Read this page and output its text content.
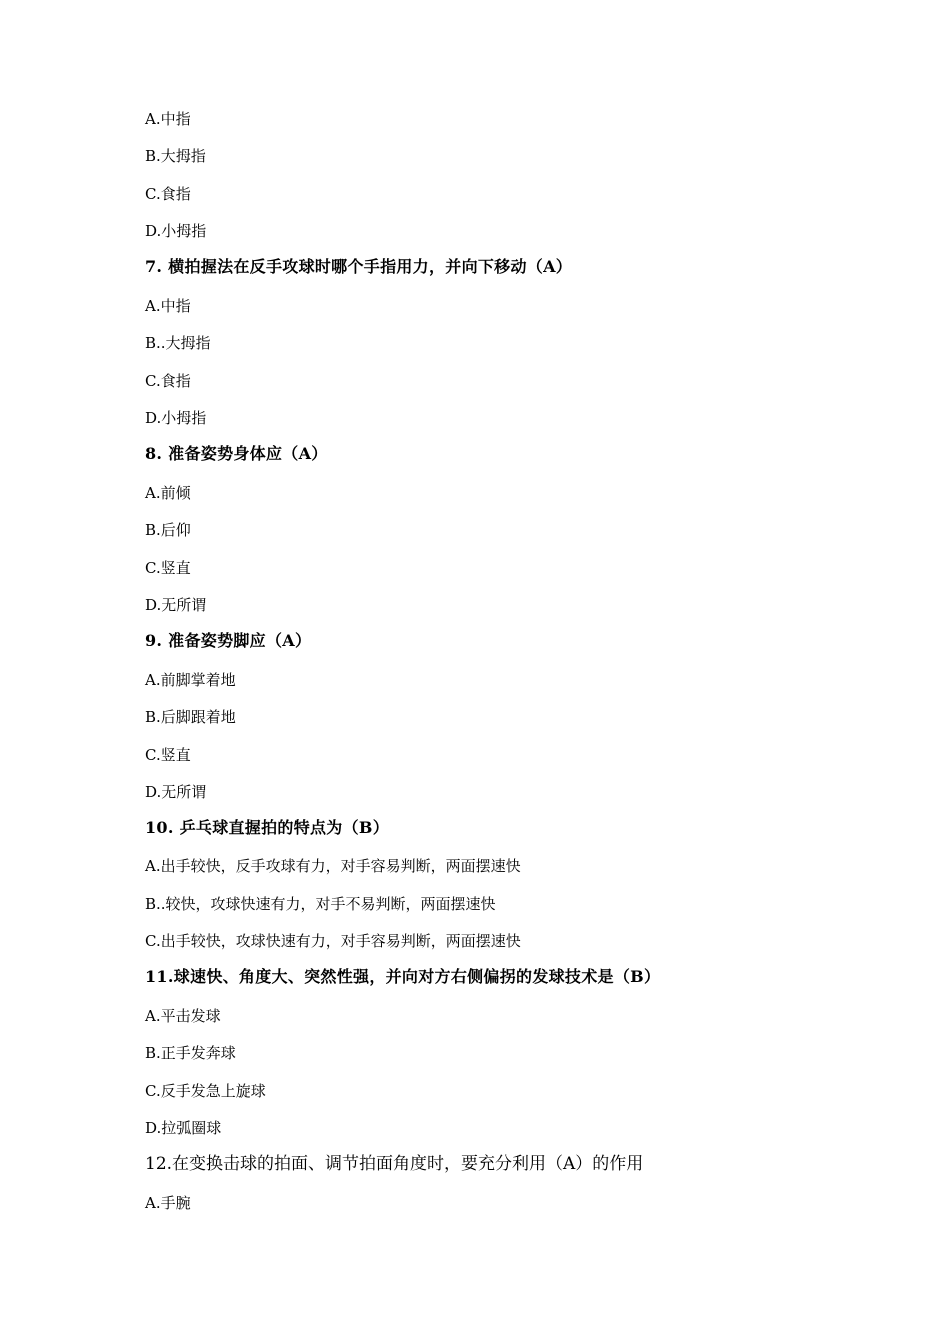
A.中指
B.大拇指
C.食指
D.小拇指
7. 横拍握法在反手攻球时哪个手指用力，并向下移动（A）
A.中指
B..大拇指
C.食指
D.小拇指
8. 准备姿势身体应（A）
A.前倾
B.后仰
C.竖直
D.无所谓
9. 准备姿势脚应（A）
A.前脚掌着地
B.后脚跟着地
C.竖直
D.无所谓
10. 乒乓球直握拍的特点为（B）
A.出手较快，反手攻球有力，对手容易判断，两面摆速快
B..较快，攻球快速有力，对手不易判断，两面摆速快
C.出手较快，攻球快速有力，对手容易判断，两面摆速快
11.球速快、角度大、突然性强，并向对方右侧偏拐的发球技术是（B）
A.平击发球
B.正手发奔球
C.反手发急上旋球
D.拉弧圈球
12.在变换击球的拍面、调节拍面角度时，要充分利用（A）的作用
A.手腕
